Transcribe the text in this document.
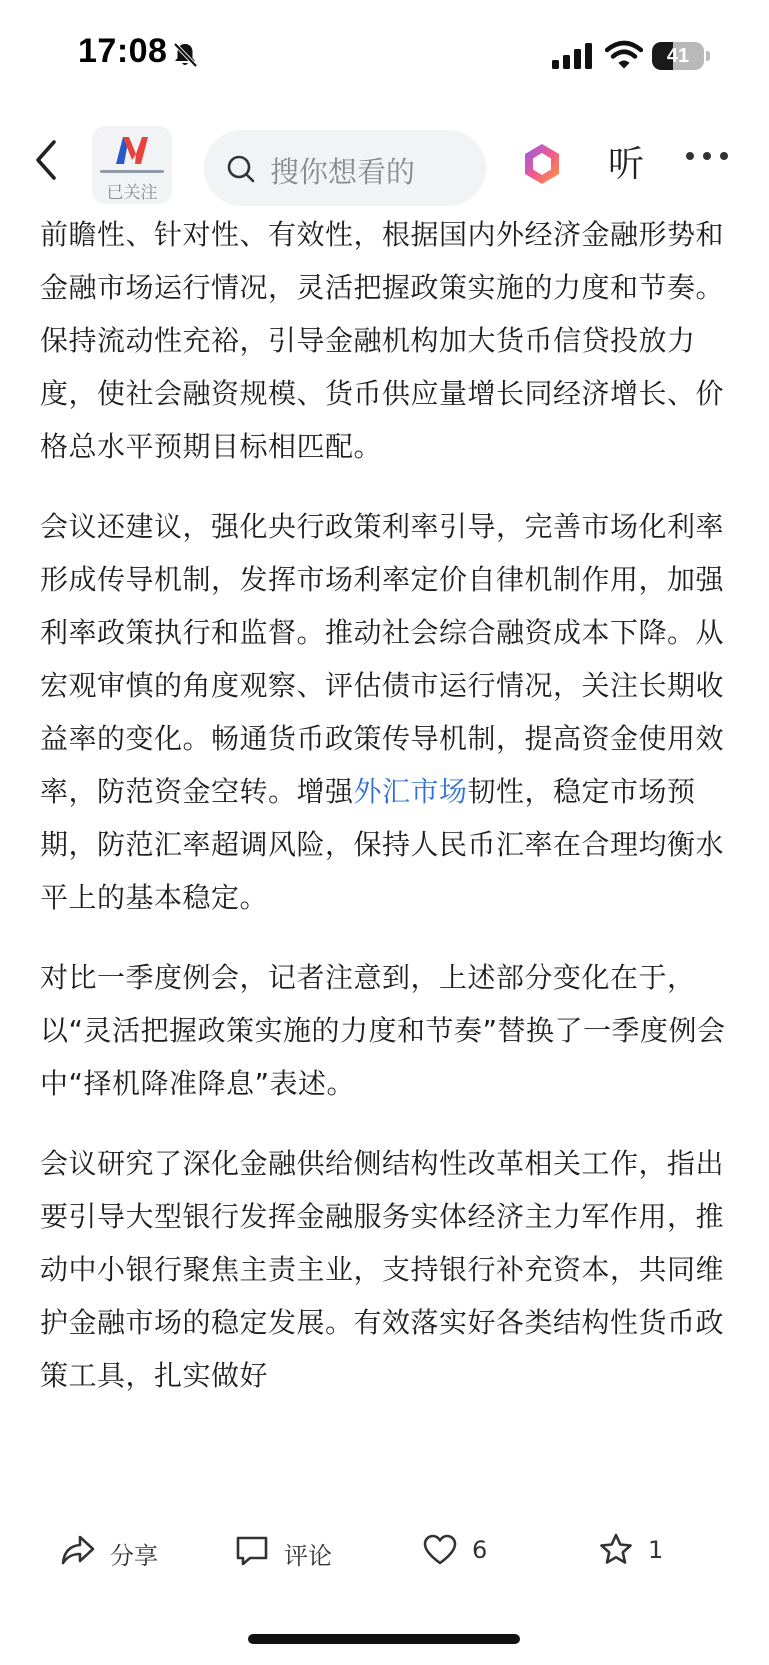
17:08	41
已关注
搜你想看的	听

前瞻性、针对性、有效性，根据国内外经济金融形势和金融市场运行情况，灵活把握政策实施的力度和节奏。保持流动性充裕，引导金融机构加大货币信贷投放力度，使社会融资规模、货币供应量增长同经济增长、价格总水平预期目标相匹配。

会议还建议，强化央行政策利率引导，完善市场化利率形成传导机制，发挥市场利率定价自律机制作用，加强利率政策执行和监督。推动社会综合融资成本下降。从宏观审慎的角度观察、评估债市运行情况，关注长期收益率的变化。畅通货币政策传导机制，提高资金使用效率，防范资金空转。增强外汇市场韧性，稳定市场预期，防范汇率超调风险，保持人民币汇率在合理均衡水平上的基本稳定。

对比一季度例会，记者注意到，上述部分变化在于，以“灵活把握政策实施的力度和节奏”替换了一季度例会中“择机降准降息”表述。

会议研究了深化金融供给侧结构性改革相关工作，指出要引导大型银行发挥金融服务实体经济主力军作用，推动中小银行聚焦主责主业，支持银行补充资本，共同维护金融市场的稳定发展。有效落实好各类结构性货币政策工具，扎实做好

分享	评论	6	1
